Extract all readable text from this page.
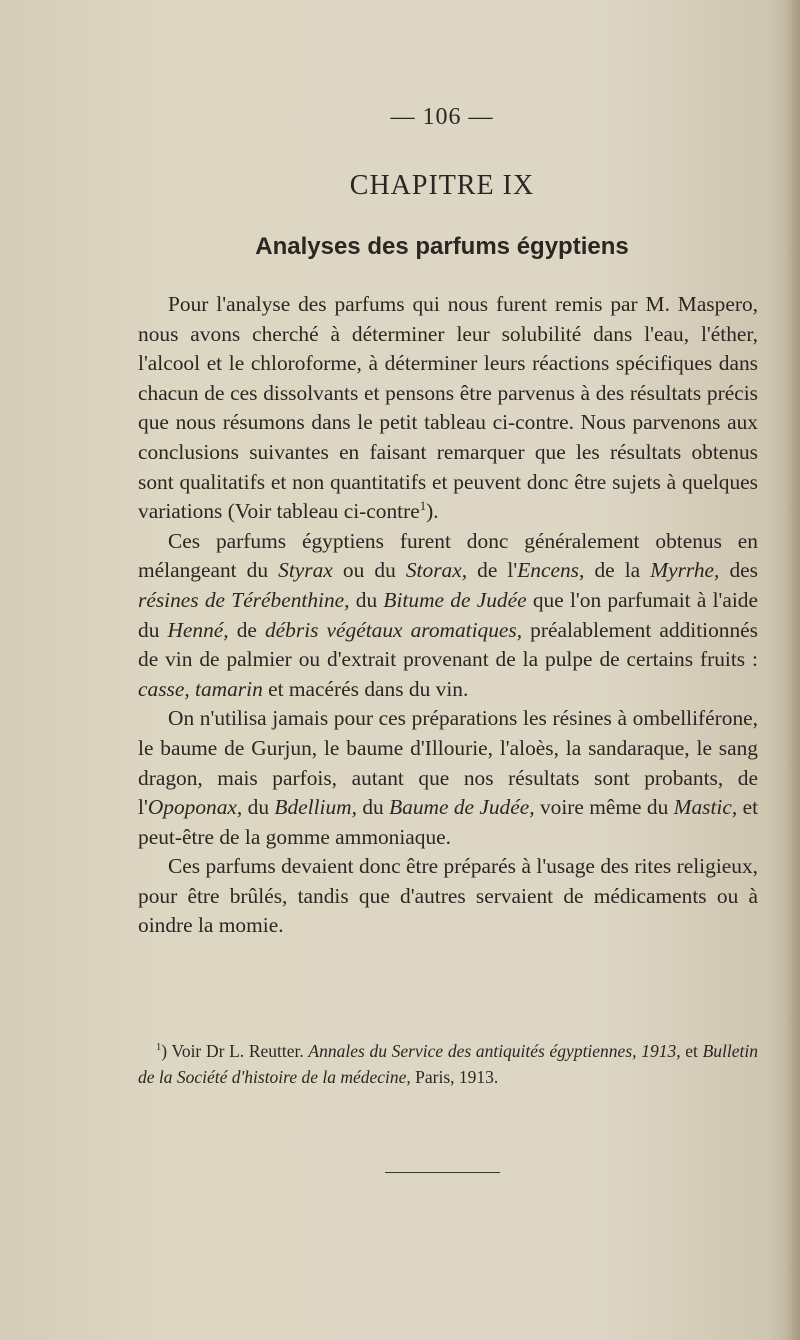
— 106 —
CHAPITRE IX
Analyses des parfums égyptiens

Pour l'analyse des parfums qui nous furent remis par M. Maspero, nous avons cherché à déterminer leur solubilité dans l'eau, l'éther, l'alcool et le chloroforme, à déterminer leurs réactions spécifiques dans chacun de ces dissolvants et pensons être parvenus à des résultats précis que nous résumons dans le petit tableau ci-contre. Nous parvenons aux conclusions suivantes en faisant remarquer que les résultats obtenus sont qualitatifs et non quantitatifs et peuvent donc être sujets à quelques variations (Voir tableau ci-contre$^1$).

Ces parfums égyptiens furent donc généralement obtenus en mélangeant du Styrax ou du Storax, de l'Encens, de la Myrrhe, des résines de Térébenthine, du Bitume de Judée que l'on parfumait à l'aide du Henné, de débris végétaux aromatiques, préalablement additionnés de vin de palmier ou d'extrait provenant de la pulpe de certains fruits : casse, tamarin et macérés dans du vin.

On n'utilisa jamais pour ces préparations les résines à ombelliférone, le baume de Gurjun, le baume d'Illourie, l'aloès, la sandaraque, le sang dragon, mais parfois, autant que nos résultats sont probants, de l'Opoponax, du Bdellium, du Baume de Judée, voire même du Mastic, et peut-être de la gomme ammoniaque.

Ces parfums devaient donc être préparés à l'usage des rites religieux, pour être brûlés, tandis que d'autres servaient de médicaments ou à oindre la momie.

$^1$) Voir Dr L. Reutter. Annales du Service des antiquités égyptiennes, 1913, et Bulletin de la Société d'histoire de la médecine, Paris, 1913.
